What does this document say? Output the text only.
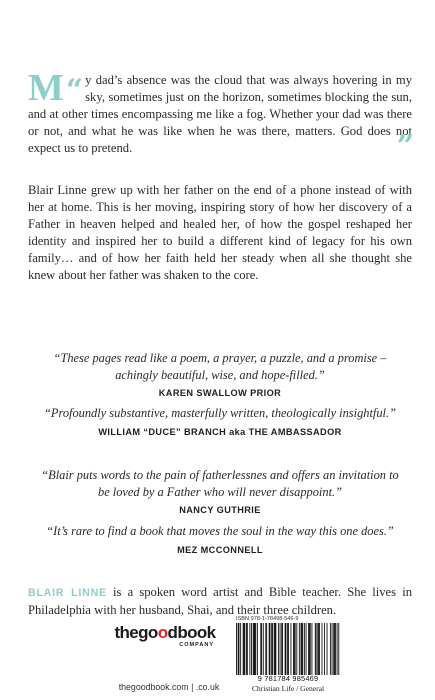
“
M y dad’s absence was the cloud that was always hovering in my sky, sometimes just on the horizon, sometimes blocking the sun, and at other times encompassing me like a fog. Whether your dad was there or not, and what he was like when he was there, matters. God does not expect us to pretend.	”
Blair Linne grew up with her father on the end of a phone instead of with her at home. This is her moving, inspiring story of how her discovery of a Father in heaven helped and healed her, of how the gospel reshaped her identity and inspired her to build a different kind of legacy for his own family… and of how her faith held her steady when all she thought she knew about her father was shaken to the core.
“These pages read like a poem, a prayer, a puzzle, and a promise – achingly beautiful, wise, and hope-filled.”
KAREN SWALLOW PRIOR
“Profoundly substantive, masterfully written, theologically insightful.”
WILLIAM “DUCE” BRANCH aka THE AMBASSADOR
“Blair puts words to the pain of fatherlessnes and offers an invitation to be loved by a Father who will never disappoint.”
NANCY GUTHRIE
“It’s rare to find a book that moves the soul in the way this one does.”
MEZ MCCONNELL
BLAIR LINNE is a spoken word artist and Bible teacher. She lives in Philadelphia with her husband, Shai, and their three children.
thegoodbook
COMPANY
thegoodbook.com | .co.uk
ISBN 978-1-78498-546-9
9 781784 985469
Christian Life / General
